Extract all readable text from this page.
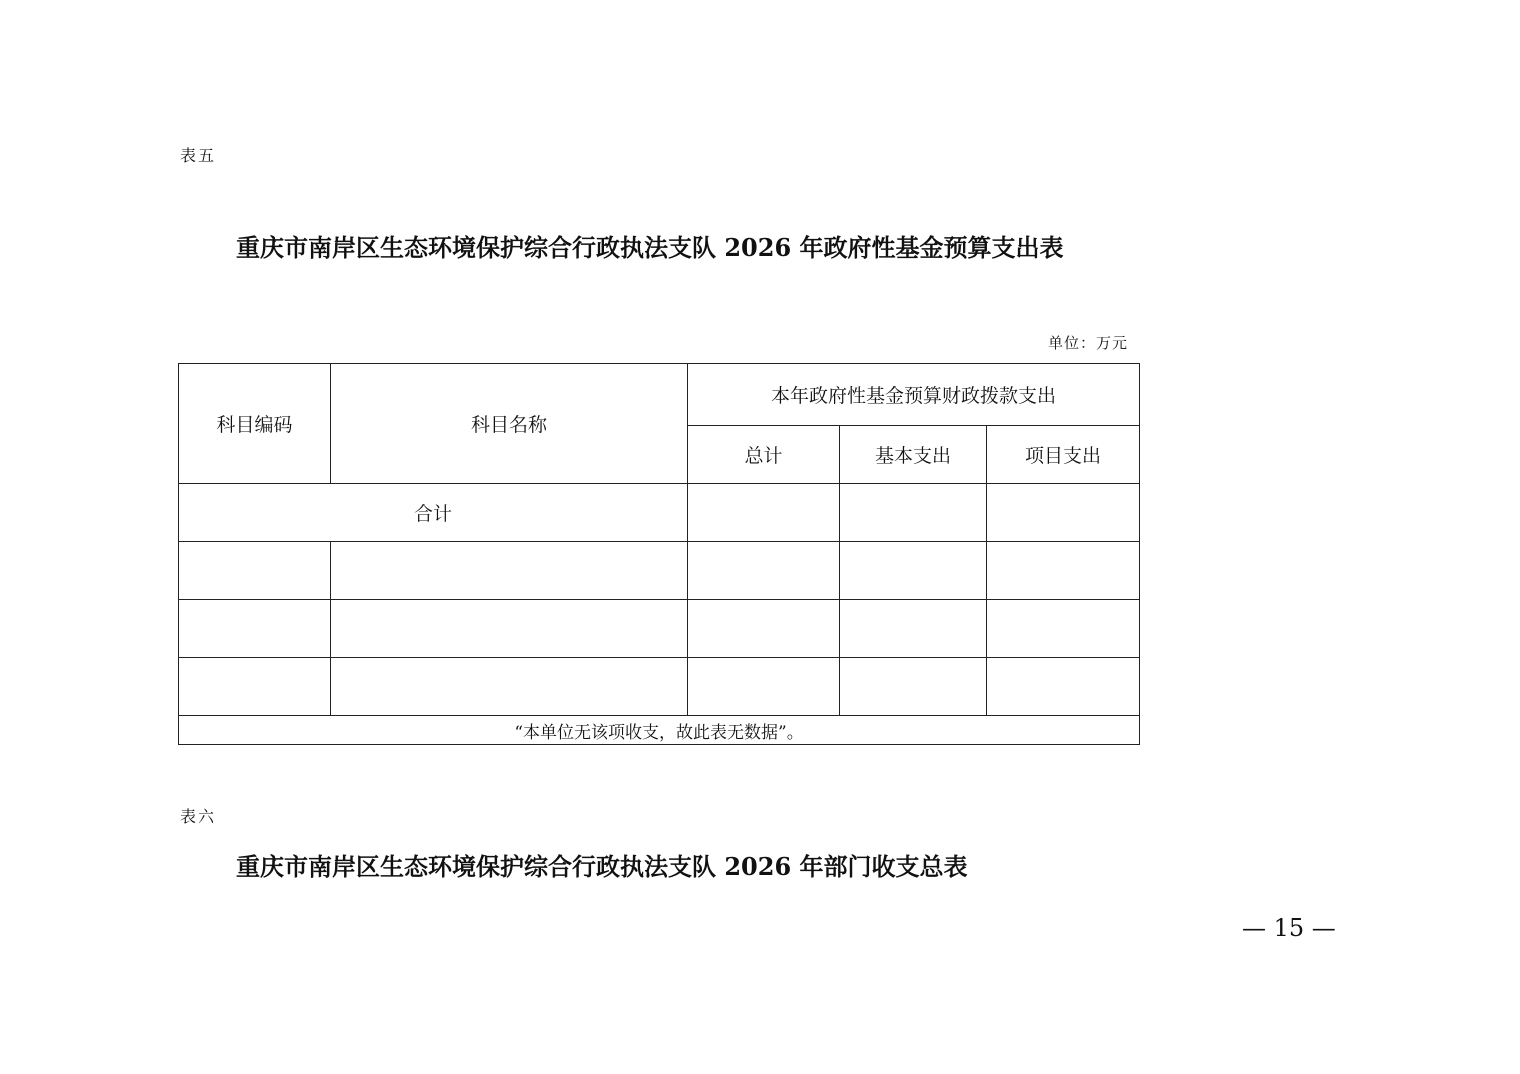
表五
重庆市南岸区生态环境保护综合行政执法支队 2026 年政府性基金预算支出表
单位：万元
科目编码	科目名称	本年政府性基金预算财政拨款支出		
		总计	基本支出	项目支出
合计				

“本单位无该项收支，故此表无数据”。				
表六
重庆市南岸区生态环境保护综合行政执法支队 2026 年部门收支总表
— 15 —
